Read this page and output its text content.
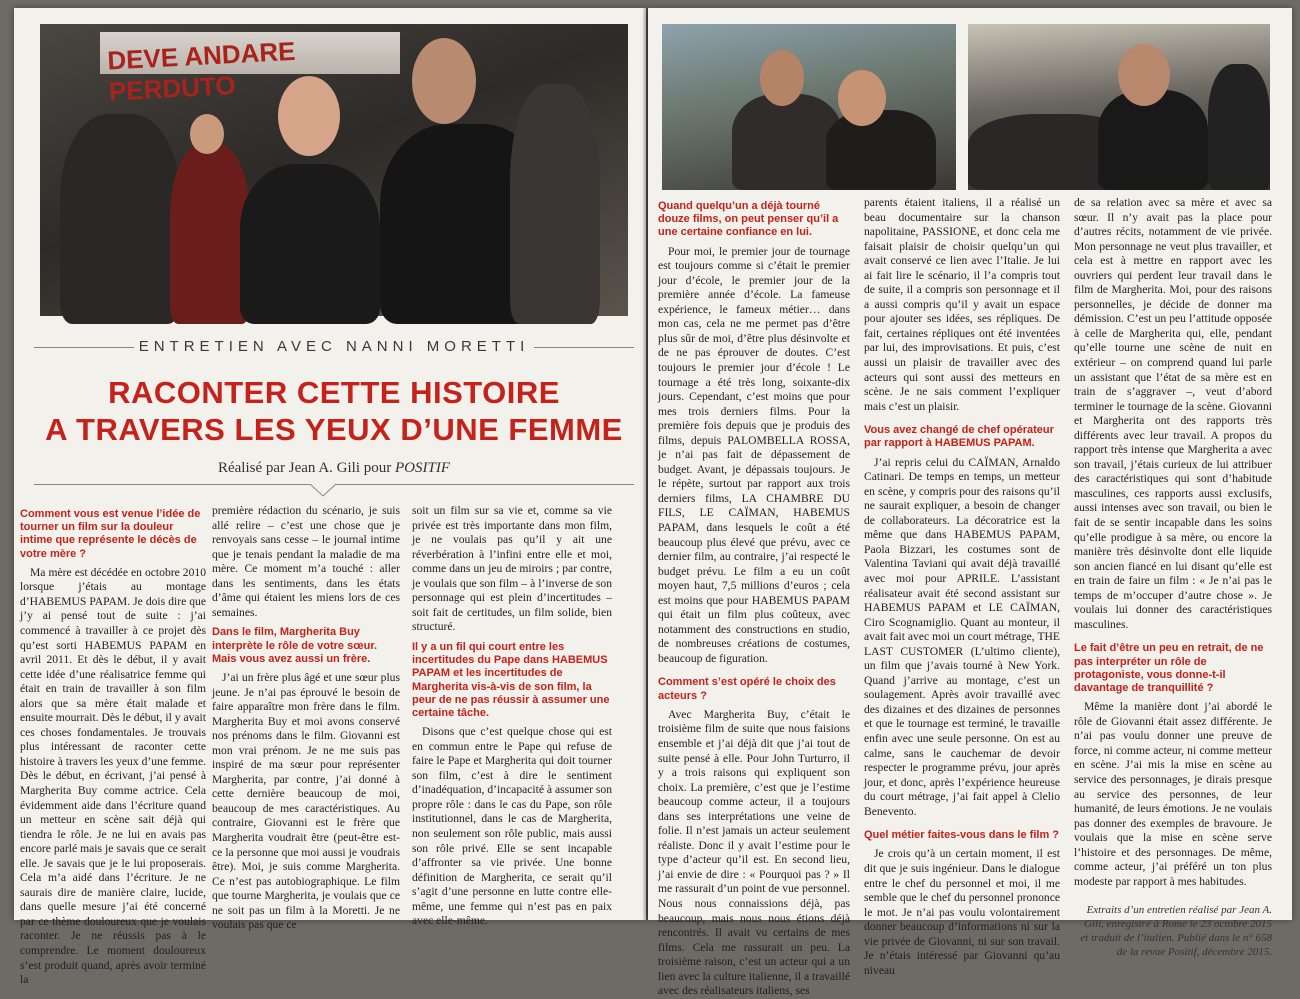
DEVE ANDARE PERDUTO
ENTRETIEN AVEC NANNI MORETTI
RACONTER CETTE HISTOIRE
A TRAVERS LES YEUX D’UNE FEMME
Réalisé par Jean A. Gili pour POSITIF
Comment vous est venue l’idée de tourner un film sur la douleur intime que représente le décès de votre mère ?

Ma mère est décédée en octobre 2010 lorsque j’étais au montage d’HABEMUS PAPAM. Je dois dire que j’y ai pensé tout de suite : j’ai commencé à travailler à ce projet dès qu’est sorti HABEMUS PAPAM en avril 2011. Et dès le début, il y avait cette idée d’une réalisatrice femme qui était en train de travailler à son film alors que sa mère était malade et ensuite mourrait. Dès le début, il y avait ces choses fondamentales. Je trouvais plus intéressant de raconter cette histoire à travers les yeux d’une femme. Dès le début, en écrivant, j’ai pensé à Margherita Buy comme actrice. Cela évidemment aide dans l’écriture quand un metteur en scène sait déjà qui tiendra le rôle. Je ne lui en avais pas encore parlé mais je savais que ce serait elle. Je savais que je le lui proposerais. Cela m’a aidé dans l’écriture. Je ne saurais dire de manière claire, lucide, dans quelle mesure j’ai été concerné par ce thème douloureux que je voulais raconter. Je ne réussis pas à le comprendre. Le moment douloureux s’est produit quand, après avoir terminé la

première rédaction du scénario, je suis allé relire – c’est une chose que je renvoyais sans cesse – le journal intime que je tenais pendant la maladie de ma mère. Ce moment m’a touché : aller dans les sentiments, dans les états d’âme qui étaient les miens lors de ces semaines.

Dans le film, Margherita Buy interprète le rôle de votre sœur. Mais vous avez aussi un frère.

J’ai un frère plus âgé et une sœur plus jeune. Je n’ai pas éprouvé le besoin de faire apparaître mon frère dans le film. Margherita Buy et moi avons conservé nos prénoms dans le film. Giovanni est mon vrai prénom. Je ne me suis pas inspiré de ma sœur pour représenter Margherita, par contre, j’ai donné à cette dernière beaucoup de moi, beaucoup de mes caractéristiques. Au contraire, Giovanni est le frère que Margherita voudrait être (peut-être est-ce la personne que moi aussi je voudrais être). Moi, je suis comme Margherita. Ce n’est pas autobiographique. Le film que tourne Margherita, je voulais que ce ne soit pas un film à la Moretti. Je ne voulais pas que ce

soit un film sur sa vie et, comme sa vie privée est très importante dans mon film, je ne voulais pas qu’il y ait une réverbération à l’infini entre elle et moi, comme dans un jeu de miroirs ; par contre, je voulais que son film – à l’inverse de son personnage qui est plein d’incertitudes – soit fait de certitudes, un film solide, bien structuré.

Il y a un fil qui court entre les incertitudes du Pape dans HABEMUS PAPAM et les incertitudes de Margherita vis-à-vis de son film, la peur de ne pas réussir à assumer une certaine tâche.

Disons que c’est quelque chose qui est en commun entre le Pape qui refuse de faire le Pape et Margherita qui doit tourner son film, c’est à dire le sentiment d’inadéquation, d’incapacité à assumer son propre rôle : dans le cas du Pape, son rôle institutionnel, dans le cas de Margherita, non seulement son rôle public, mais aussi son rôle privé. Elle se sent incapable d’affronter sa vie privée. Une bonne définition de Margherita, ce serait qu’il s’agit d’une personne en lutte contre elle-même, une femme qui n’est pas en paix avec elle-même.

Quand quelqu’un a déjà tourné douze films, on peut penser qu’il a une certaine confiance en lui.

Pour moi, le premier jour de tournage est toujours comme si c’était le premier jour d’école, le premier jour de la première année d’école. La fameuse expérience, le fameux métier… dans mon cas, cela ne me permet pas d’être plus sûr de moi, d’être plus désinvolte et de ne pas éprouver de doutes. C’est toujours le premier jour d’école ! Le tournage a été très long, soixante-dix jours. Cependant, c’est moins que pour mes trois derniers films. Pour la première fois depuis que je produis des films, depuis PALOMBELLA ROSSA, je n’ai pas fait de dépassement de budget. Avant, je dépassais toujours. Je le répète, surtout par rapport aux trois derniers films, LA CHAMBRE DU FILS, LE CAÏMAN, HABEMUS PAPAM, dans lesquels le coût a été beaucoup plus élevé que prévu, avec ce dernier film, au contraire, j’ai respecté le budget prévu. Le film a eu un coût moyen haut, 7,5 millions d’euros ; cela est moins que pour HABEMUS PAPAM qui était un film plus coûteux, avec notamment des constructions en studio, de nombreuses créations de costumes, beaucoup de figuration.

Comment s’est opéré le choix des acteurs ?

Avec Margherita Buy, c’était le troisième film de suite que nous faisions ensemble et j’ai déjà dit que j’ai tout de suite pensé à elle. Pour John Turturro, il y a trois raisons qui expliquent son choix. La première, c’est que je l’estime beaucoup comme acteur, il a toujours dans ses interprétations une veine de folie. Il n’est jamais un acteur seulement réaliste. Donc il y avait l’estime pour le type d’acteur qu’il est. En second lieu, j’ai envie de dire : « Pourquoi pas ? » Il me rassurait d’un point de vue personnel. Nous nous connaissions déjà, pas beaucoup, mais nous nous étions déjà rencontrés. Il avait vu certains de mes films. Cela me rassurait un peu. La troisième raison, c’est un acteur qui a un lien avec la culture italienne, il a travaillé avec des réalisateurs italiens, ses

parents étaient italiens, il a réalisé un beau documentaire sur la chanson napolitaine, PASSIONE, et donc cela me faisait plaisir de choisir quelqu’un qui avait conservé ce lien avec l’Italie. Je lui ai fait lire le scénario, il l’a compris tout de suite, il a compris son personnage et il a aussi compris qu’il y avait un espace pour ajouter ses idées, ses répliques. De fait, certaines répliques ont été inventées par lui, des improvisations. Et puis, c’est aussi un plaisir de travailler avec des acteurs qui sont aussi des metteurs en scène. Je ne sais comment l’expliquer mais c’est un plaisir.

Vous avez changé de chef opérateur par rapport à HABEMUS PAPAM.

J’ai repris celui du CAÏMAN, Arnaldo Catinari. De temps en temps, un metteur en scène, y compris pour des raisons qu’il ne saurait expliquer, a besoin de changer de collaborateurs. La décoratrice est la même que dans HABEMUS PAPAM, Paola Bizzari, les costumes sont de Valentina Taviani qui avait déjà travaillé avec moi pour APRILE. L’assistant réalisateur avait été second assistant sur HABEMUS PAPAM et LE CAÏMAN, Ciro Scognamiglio. Quant au monteur, il avait fait avec moi un court métrage, THE LAST CUSTOMER (L’ultimo cliente), un film que j’avais tourné à New York. Quand j’arrive au montage, c’est un soulagement. Après avoir travaillé avec des dizaines et des dizaines de personnes et que le tournage est terminé, le travaille enfin avec une seule personne. On est au calme, sans le cauchemar de devoir respecter le programme prévu, jour après jour, et donc, après l’expérience heureuse du court métrage, j’ai fait appel à Clelio Benevento.

Quel métier faites-vous dans le film ?

Je crois qu’à un certain moment, il est dit que je suis ingénieur. Dans le dialogue entre le chef du personnel et moi, il me semble que le chef du personnel prononce le mot. Je n’ai pas voulu volontairement donner beaucoup d’informations ni sur la vie privée de Giovanni, ni sur son travail. Je n’étais intéressé par Giovanni qu’au niveau

de sa relation avec sa mère et avec sa sœur. Il n’y avait pas la place pour d’autres récits, notamment de vie privée. Mon personnage ne veut plus travailler, et cela est à mettre en rapport avec les ouvriers qui perdent leur travail dans le film de Margherita. Moi, pour des raisons personnelles, je décide de donner ma démission. C’est un peu l’attitude opposée à celle de Margherita qui, elle, pendant qu’elle tourne une scène de nuit en extérieur – on comprend quand lui parle un assistant que l’état de sa mère est en train de s’aggraver –, veut d’abord terminer le tournage de la scène. Giovanni et Margherita ont des rapports très différents avec leur travail. A propos du rapport très intense que Margherita a avec son travail, j’étais curieux de lui attribuer des caractéristiques qui sont d’habitude masculines, ces rapports aussi exclusifs, aussi intenses avec son travail, ou bien le fait de se sentir incapable dans les soins qu’elle prodigue à sa mère, ou encore la manière très désinvolte dont elle liquide son ancien fiancé en lui disant qu’elle est en train de faire un film : « Je n’ai pas le temps de m’occuper d’autre chose ». Je voulais lui donner des caractéristiques masculines.

Le fait d’être un peu en retrait, de ne pas interpréter un rôle de protagoniste, vous donne-t-il davantage de tranquillité ?

Même la manière dont j’ai abordé le rôle de Giovanni était assez différente. Je n’ai pas voulu donner une preuve de force, ni comme acteur, ni comme metteur en scène. J’ai mis la mise en scène au service des personnages, je dirais presque au service des personnes, de leur humanité, de leurs émotions. Je ne voulais pas donner des exemples de bravoure. Je voulais que la mise en scène serve l’histoire et des personnages. De même, comme acteur, j’ai préféré un ton plus modeste par rapport à mes habitudes.

Extraits d’un entretien réalisé par Jean A. Gili, enregistré à Rome le 23 octobre 2015 et traduit de l’italien. Publié dans le n° 658 de la revue Positif, décembre 2015.
